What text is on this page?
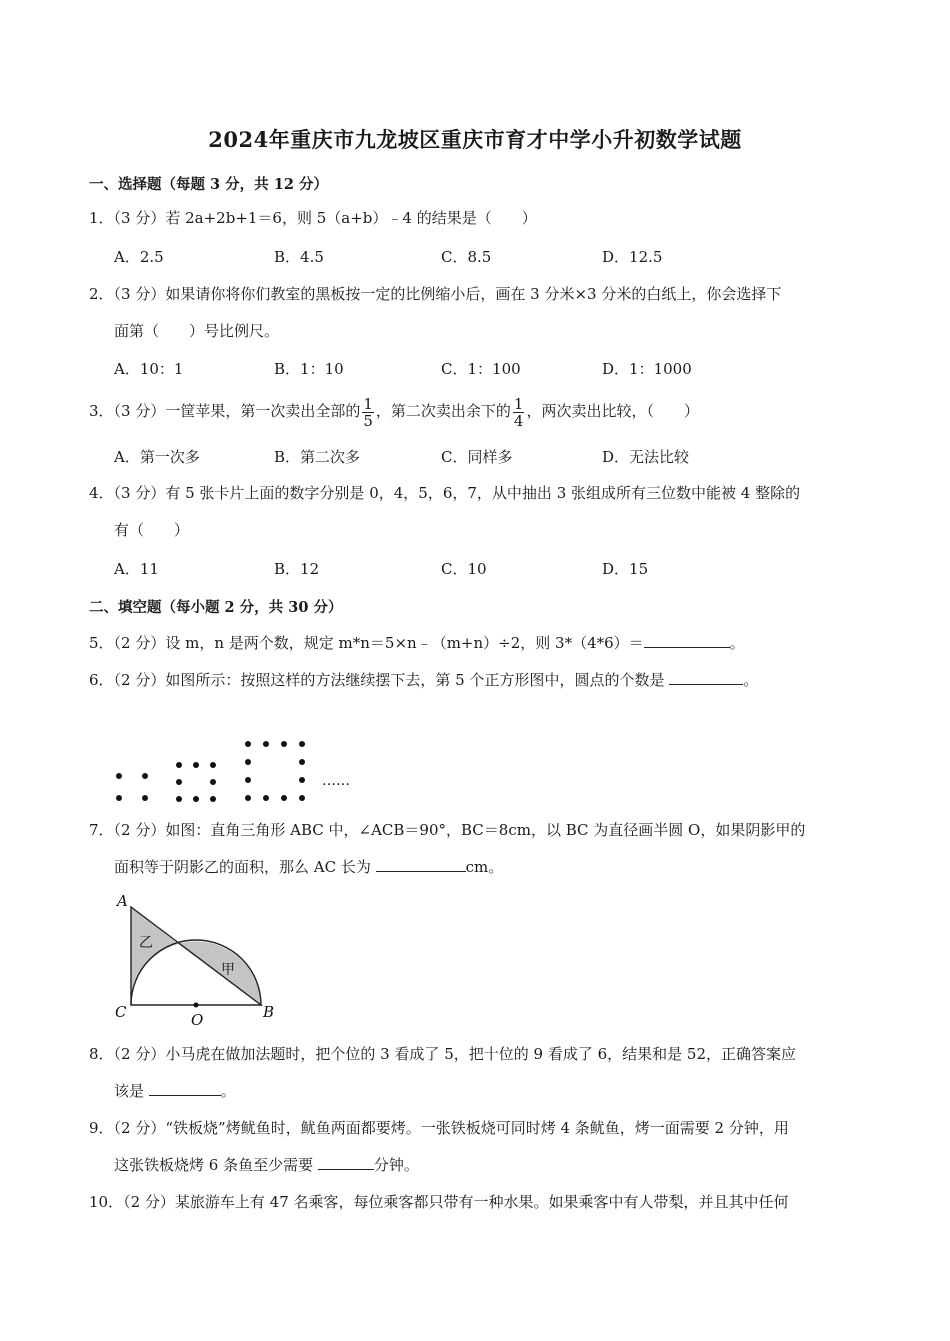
2024年重庆市九龙坡区重庆市育才中学小升初数学试题
一、选择题（每题 3 分，共 12 分）
1．（3 分）若 2a+2b+1＝6，则 5（a+b）﹣4 的结果是（　　）
A．2.5	B．4.5	C．8.5	D．12.5
2．（3 分）如果请你将你们教室的黑板按一定的比例缩小后，画在 3 分米×3 分米的白纸上，你会选择下
面第（　　）号比例尺。
A．10：1	B．1：10	C．1：100	D．1：1000
3．（3 分）一筐苹果，第一次卖出全部的 $\frac{1}{5}$ ，第二次卖出余下的 $\frac{1}{4}$ ，两次卖出比较，（　　）
A．第一次多	B．第二次多	C．同样多	D．无法比较
4．（3 分）有 5 张卡片上面的数字分别是 0，4，5，6，7，从中抽出 3 张组成所有三位数中能被 4 整除的
有（　　）
A．11	B．12	C．10	D．15
二、填空题（每小题 2 分，共 30 分）
5．（2 分）设 m，n 是两个数，规定 m*n＝5×n﹣（m+n）÷2，则 3*（4*6）＝	。
6．（2 分）如图所示：按照这样的方法继续摆下去，第 5 个正方形图中，圆点的个数是	。
……
7．（2 分）如图：直角三角形 ABC 中，∠ACB＝90°，BC＝8cm，以 BC 为直径画半圆 O，如果阴影甲的
面积等于阴影乙的面积，那么 AC 长为	cm。
A
C	B
O
乙
甲
8．（2 分）小马虎在做加法题时，把个位的 3 看成了 5，把十位的 9 看成了 6，结果和是 52，正确答案应
该是	。
9．（2 分）“铁板烧”烤鱿鱼时，鱿鱼两面都要烤。一张铁板烧可同时烤 4 条鱿鱼，烤一面需要 2 分钟，用
这张铁板烧烤 6 条鱼至少需要	分钟。
10．（2 分）某旅游车上有 47 名乘客，每位乘客都只带有一种水果。如果乘客中有人带梨，并且其中任何
